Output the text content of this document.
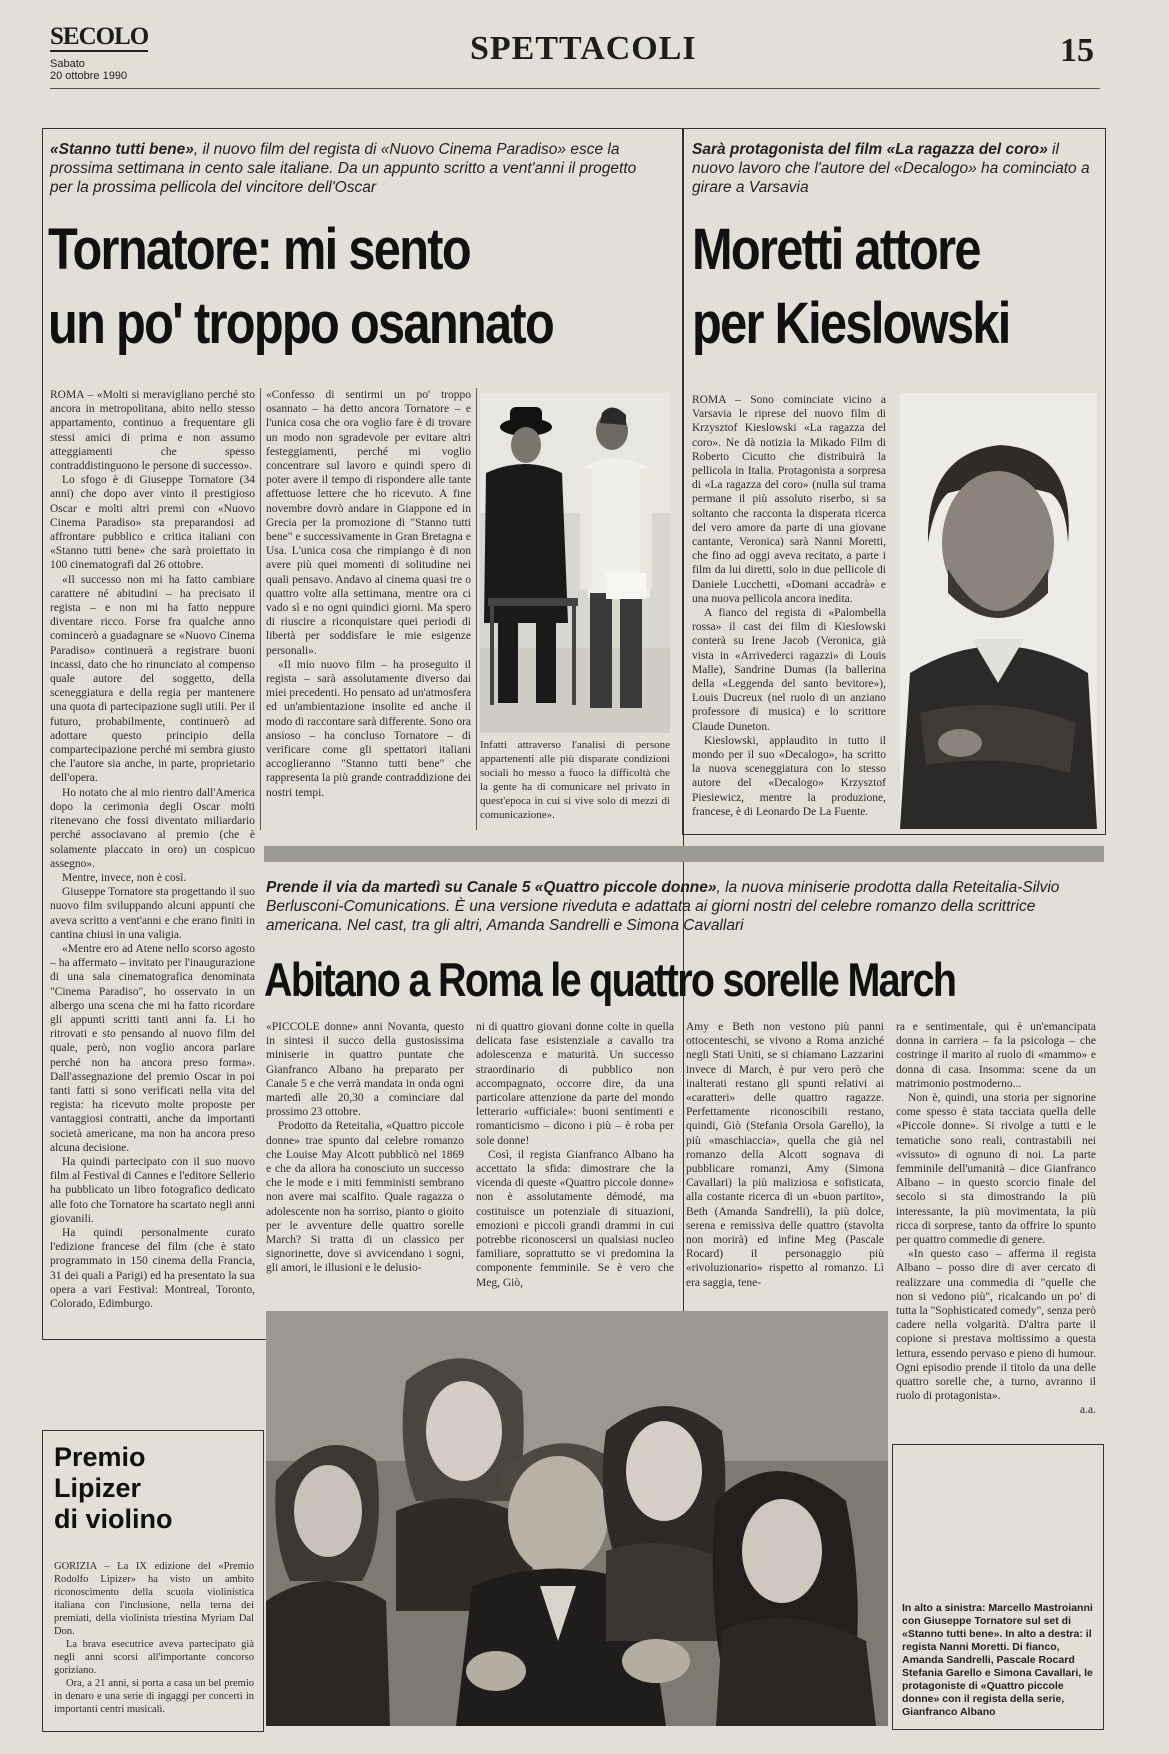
SECOLO
Sabato
20 ottobre 1990
SPETTACOLI	15
«Stanno tutti bene», il nuovo film del regista di «Nuovo Cinema Paradiso» esce la prossima settimana in cento sale italiane. Da un appunto scritto a vent'anni il progetto per la prossima pellicola del vincitore dell'Oscar
Tornatore: mi sento
un po' troppo osannato

ROMA – «Molti si meravigliano perché sto ancora in metropolitana, abito nello stesso appartamento, continuo a frequentare gli stessi amici di prima e non assumo atteggiamenti che spesso contraddistinguono le persone di successo».

Lo sfogo è di Giuseppe Tornatore (34 anni) che dopo aver vinto il prestigioso Oscar e molti altri premi con «Nuovo Cinema Paradiso» sta preparandosi ad affrontare pubblico e critica italiani con «Stanno tutti bene» che sarà proiettato in 100 cinematografi dal 26 ottobre.

«Il successo non mi ha fatto cambiare carattere né abitudini – ha precisato il regista – e non mi ha fatto neppure diventare ricco. Forse fra qualche anno comincerò a guadagnare se «Nuovo Cinema Paradiso» continuerà a registrare buoni incassi, dato che ho rinunciato al compenso quale autore del soggetto, della sceneggiatura e della regia per mantenere una quota di partecipazione sugli utili. Per il futuro, probabilmente, continuerò ad adottare questo principio della compartecipazione perché mi sembra giusto che l'autore sia anche, in parte, proprietario dell'opera.

Ho notato che al mio rientro dall'America dopo la cerimonia degli Oscar molti ritenevano che fossi diventato miliardario perché associavano al premio (che è solamente placcato in oro) un cospicuo assegno».

Mentre, invece, non è così.

Giuseppe Tornatore sta progettando il suo nuovo film sviluppando alcuni appunti che aveva scritto a vent'anni e che erano finiti in cantina chiusi in una valigia.

«Mentre ero ad Atene nello scorso agosto – ha affermato – invitato per l'inaugurazione di una sala cinematografica denominata "Cinema Paradiso", ho osservato in un albergo una scena che mi ha fatto ricordare gli appunti scritti tanti anni fa. Li ho ritrovati e sto pensando al nuovo film del quale, però, non voglio ancora parlare perché non ha ancora preso forma». Dall'assegnazione del premio Oscar in poi tanti fatti si sono verificati nella vita del regista: ha ricevuto molte proposte per vantaggiosi contratti, anche da importanti società americane, ma non ha ancora preso alcuna decisione.

Ha quindi partecipato con il suo nuovo film al Festival di Cannes e l'editore Sellerio ha pubblicato un libro fotografico dedicato alle foto che Tornatore ha scartato negli anni giovanili.

Ha quindi personalmente curato l'edizione francese del film (che è stato programmato in 150 cinema della Francia, 31 dei quali a Parigi) ed ha presentato la sua opera a vari Festival: Montreal, Toronto, Colorado, Edimburgo.

«Confesso di sentirmi un po' troppo osannato – ha detto ancora Tornatore – e l'unica cosa che ora voglio fare è di trovare un modo non sgradevole per evitare altri festeggiamenti, perché mi voglio concentrare sul lavoro e quindi spero di poter avere il tempo di rispondere alle tante affettuose lettere che ho ricevuto. A fine novembre dovrò andare in Giappone ed in Grecia per la promozione di "Stanno tutti bene" e successivamente in Gran Bretagna e Usa. L'unica cosa che rimpiango è di non avere più quei momenti di solitudine nei quali pensavo. Andavo al cinema quasi tre o quattro volte alla settimana, mentre ora ci vado sì e no ogni quindici giorni. Ma spero di riuscire a riconquistare quei periodi di libertà per soddisfare le mie esigenze personali».

«Il mio nuovo film – ha proseguito il regista – sarà assolutamente diverso dai miei precedenti. Ho pensato ad un'atmosfera ed un'ambientazione insolite ed anche il modo di raccontare sarà differente. Sono ora ansioso – ha concluso Tornatore – di verificare come gli spettatori italiani accoglieranno "Stanno tutti bene" che rappresenta la più grande contraddizione dei nostri tempi.

Infatti attraverso l'analisi di persone appartenenti alle più disparate condizioni sociali ho messo a fuoco la difficoltà che la gente ha di comunicare nel privato in quest'epoca in cui si vive solo di mezzi di comunicazione».
Sarà protagonista del film «La ragazza del coro» il nuovo lavoro che l'autore del «Decalogo» ha cominciato a girare a Varsavia
Moretti attore
per Kieslowski

ROMA – Sono cominciate vicino a Varsavia le riprese del nuovo film di Krzysztof Kieslowski «La ragazza del coro». Ne dà notizia la Mikado Film di Roberto Cicutto che distribuirà la pellicola in Italia. Protagonista a sorpresa di «La ragazza del coro» (nulla sul trama permane il più assoluto riserbo, si sa soltanto che racconta la disperata ricerca del vero amore da parte di una giovane cantante, Veronica) sarà Nanni Moretti, che fino ad oggi aveva recitato, a parte i film da lui diretti, solo in due pellicole di Daniele Lucchetti, «Domani accadrà» e una nuova pellicola ancora inedita.

A fianco del regista di «Palombella rossa» il cast dei film di Kieslowski conterà su Irene Jacob (Veronica, già vista in «Arrivederci ragazzi» di Louis Malle), Sandrine Dumas (la ballerina della «Leggenda del santo bevitore»), Louis Ducreux (nel ruolo di un anziano professore di musica) e lo scrittore Claude Duneton.

Kieslowski, applaudito in tutto il mondo per il suo «Decalogo», ha scritto la nuova sceneggiatura con lo stesso autore del «Decalogo» Krzysztof Piesiewicz, mentre la produzione, francese, è di Leonardo De La Fuente.

Prende il via da martedì su Canale 5 «Quattro piccole donne», la nuova miniserie prodotta dalla Reteitalia-Silvio Berlusconi-Comunications. È una versione riveduta e adattata ai giorni nostri del celebre romanzo della scrittrice americana. Nel cast, tra gli altri, Amanda Sandrelli e Simona Cavallari
Abitano a Roma le quattro sorelle March

«PICCOLE donne» anni Novanta, questo in sintesi il succo della gustosissima miniserie in quattro puntate che Gianfranco Albano ha preparato per Canale 5 e che verrà mandata in onda ogni martedì alle 20,30 a cominciare dal prossimo 23 ottobre.

Prodotto da Reteitalia, «Quattro piccole donne» trae spunto dal celebre romanzo che Louise May Alcott pubblicò nel 1869 e che da allora ha conosciuto un successo che le mode e i miti femministi sembrano non avere mai scalfito. Quale ragazza o adolescente non ha sorriso, pianto o gioito per le avventure delle quattro sorelle March? Si tratta di un classico per signorinette, dove si avvicendano i sogni, gli amori, le illusioni e le delusio-

ni di quattro giovani donne colte in quella delicata fase esistenziale a cavallo tra adolescenza e maturità. Un successo straordinario di pubblico non accompagnato, occorre dire, da una particolare attenzione da parte del mondo letterario «ufficiale»: buoni sentimenti e romanticismo – dicono i più – è roba per sole donne!

Così, il regista Gianfranco Albano ha accettato la sfida: dimostrare che la vicenda di queste «Quattro piccole donne» non è assolutamente démodé, ma costituisce un potenziale di situazioni, emozioni e piccoli grandi drammi in cui potrebbe riconoscersi un qualsiasi nucleo familiare, soprattutto se vi predomina la componente femminile. Se è vero che Meg, Giò,

Amy e Beth non vestono più panni ottocenteschi, se vivono a Roma anziché negli Stati Uniti, se si chiamano Lazzarini invece di March, è pur vero però che inalterati restano gli spunti relativi ai «caratteri» delle quattro ragazze. Perfettamente riconoscibili restano, quindi, Giò (Stefania Orsola Garello), la più «maschiaccia», quella che già nel romanzo della Alcott sognava di pubblicare romanzi, Amy (Simona Cavallari) la più maliziosa e sofisticata, alla costante ricerca di un «buon partito», Beth (Amanda Sandrelli), la più dolce, serena e remissiva delle quattro (stavolta non morirà) ed infine Meg (Pascale Rocard) il personaggio più «rivoluzionario» rispetto al romanzo. Lì era saggia, tene-

ra e sentimentale, qui è un'emancipata donna in carriera – fa la psicologa – che costringe il marito al ruolo di «mammo» e donna di casa. Insomma: scene da un matrimonio postmoderno...

Non è, quindi, una storia per signorine come spesso è stata tacciata quella delle «Piccole donne». Si rivolge a tutti e le tematiche sono reali, contrastabili nei «vissuto» di ognuno di noi. La parte femminile dell'umanità – dice Gianfranco Albano – in questo scorcio finale del secolo si sta dimostrando la più interessante, la più movimentata, la più ricca di sorprese, tanto da offrire lo spunto per quattro commedie di genere.

«In questo caso – afferma il regista Albano – posso dire di aver cercato di realizzare una commedia di "quelle che non si vedono più", ricalcando un po' di tutta la "Sophisticated comedy", senza però cadere nella volgarità. D'altra parte il copione si prestava moltissimo a questa lettura, essendo pervaso e pieno di humour. Ogni episodio prende il titolo da una delle quattro sorelle che, a turno, avranno il ruolo di protagonista».

a.a.

In alto a sinistra: Marcello Mastroianni con Giuseppe Tornatore sul set di «Stanno tutti bene». In alto a destra: il regista Nanni Moretti. Di fianco, Amanda Sandrelli, Pascale Rocard Stefania Garello e Simona Cavallari, le protagoniste di «Quattro piccole donne» con il regista della serie, Gianfranco Albano
Premio
Lipizer
di violino

GORIZIA – La IX edizione del «Premio Rodolfo Lipizer» ha visto un ambito riconoscimento della scuola violinistica italiana con l'inclusione, nella terna dei premiati, della violinista triestina Myriam Dal Don.

La brava esecutrice aveva partecipato già negli anni scorsi all'importante concorso goriziano.

Ora, a 21 anni, si porta a casa un bel premio in denaro e una serie di ingaggi per concerti in importanti centri musicali.
